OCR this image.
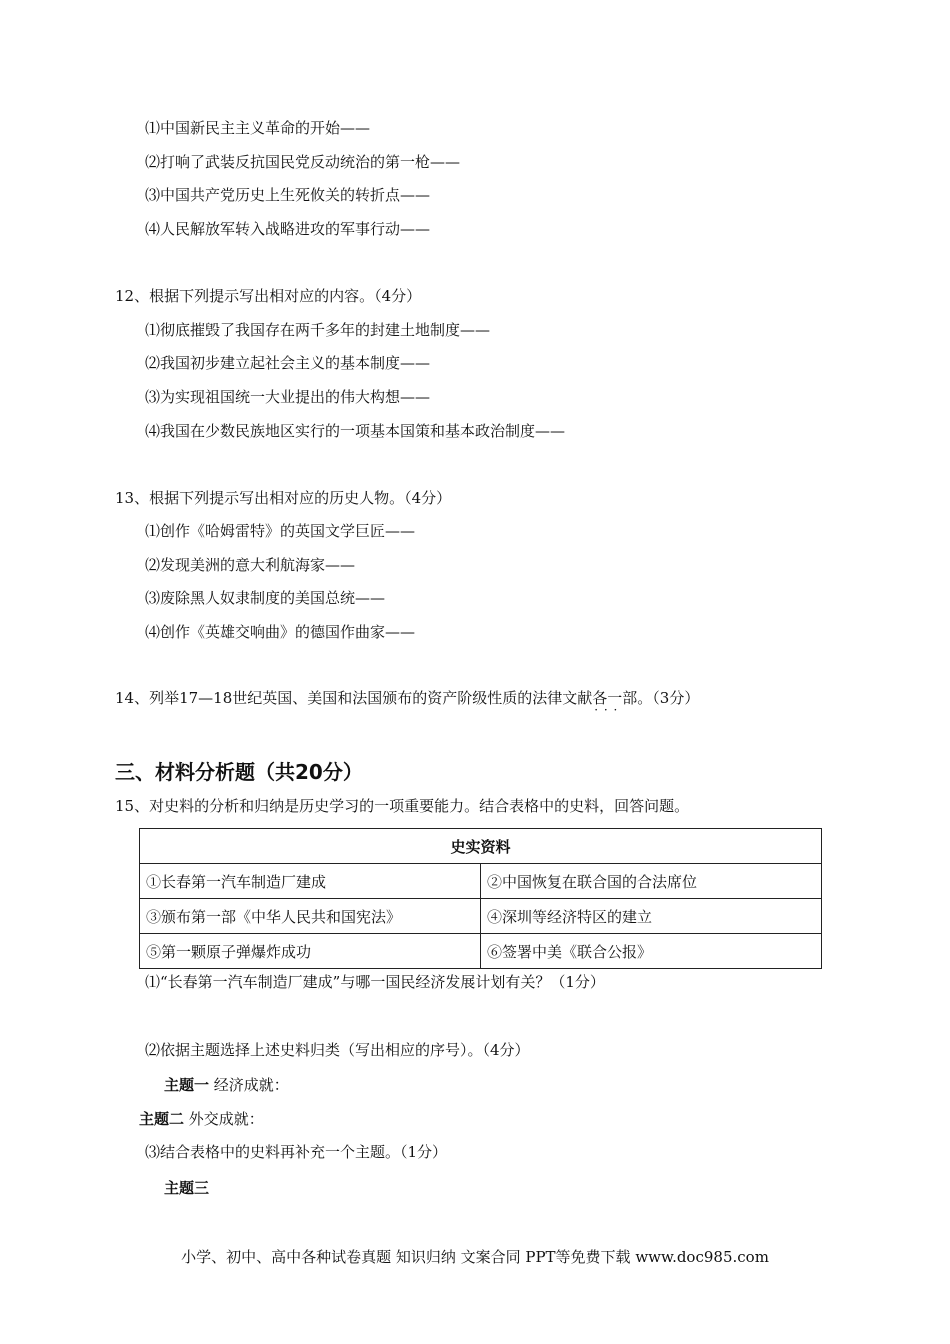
⑴中国新民主主义革命的开始——
⑵打响了武装反抗国民党反动统治的第一枪——
⑶中国共产党历史上生死攸关的转折点——
⑷人民解放军转入战略进攻的军事行动——
12、根据下列提示写出相对应的内容。（4分）
⑴彻底摧毁了我国存在两千多年的封建土地制度——
⑵我国初步建立起社会主义的基本制度——
⑶为实现祖国统一大业提出的伟大构想——
⑷我国在少数民族地区实行的一项基本国策和基本政治制度——
13、根据下列提示写出相对应的历史人物。（4分）
⑴创作《哈姆雷特》的英国文学巨匠——
⑵发现美洲的意大利航海家——
⑶废除黑人奴隶制度的美国总统——
⑷创作《英雄交响曲》的德国作曲家——
14、列举17—18世纪英国、美国和法国颁布的资产阶级性质的法律文献各一部 · · ·。（3分）
三、材料分析题（共20分）
15、对史料的分析和归纳是历史学习的一项重要能力。结合表格中的史料，回答问题。
史实资料	
①长春第一汽车制造厂建成	②中国恢复在联合国的合法席位
③颁布第一部《中华人民共和国宪法》	④深圳等经济特区的建立
⑤第一颗原子弹爆炸成功	⑥签署中美《联合公报》
⑴“长春第一汽车制造厂建成”与哪一国民经济发展计划有关？（1分）
⑵依据主题选择上述史料归类（写出相应的序号）。（4分）
主题一 经济成就：
主题二 外交成就：
⑶结合表格中的史料再补充一个主题。（1分）
主题三
小学、初中、高中各种试卷真题 知识归纳 文案合同 PPT等免费下载 www.doc985.com
